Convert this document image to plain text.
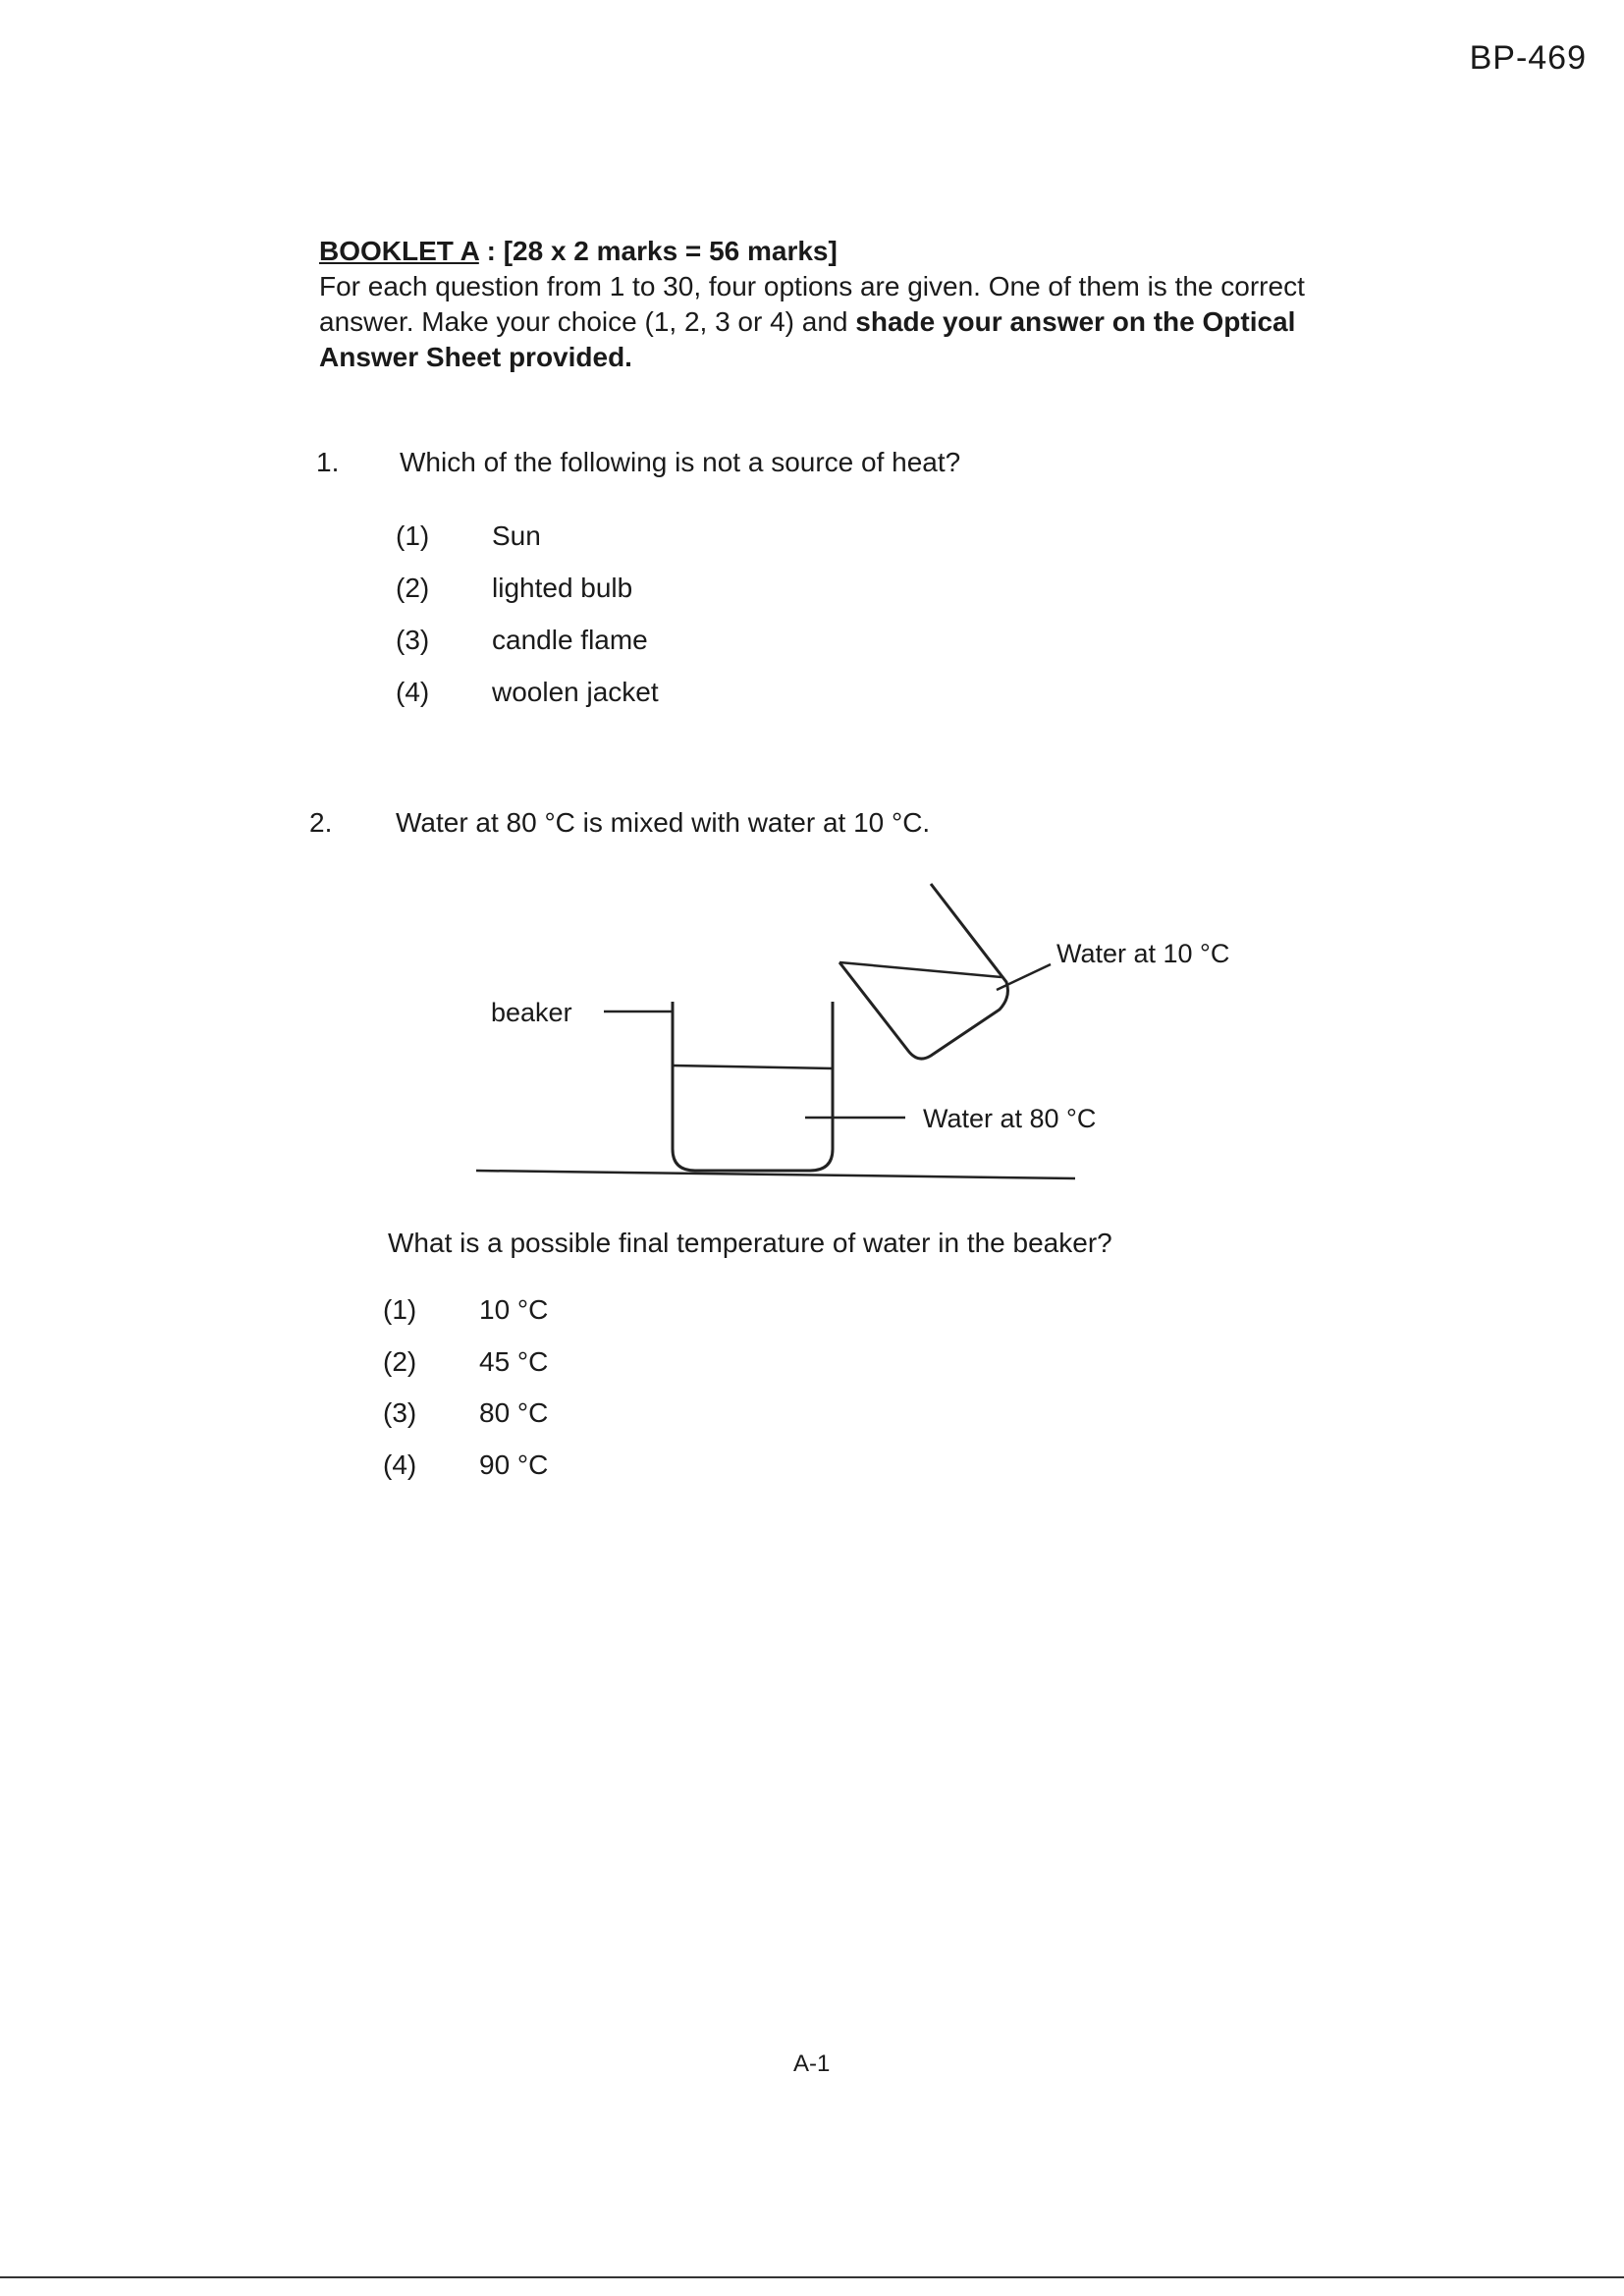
BP-469
BOOKLET A : [28 x 2 marks = 56 marks]
For each question from 1 to 30, four options are given. One of them is the correct answer. Make your choice (1, 2, 3 or 4) and shade your answer on the Optical Answer Sheet provided.
1. Which of the following is not a source of heat?
(1) Sun
(2) lighted bulb
(3) candle flame
(4) woolen jacket
2. Water at 80 °C is mixed with water at 10 °C.
beaker
Water at 80 °C
Water at 10 °C
What is a possible final temperature of water in the beaker?
(1) 10 °C
(2) 45 °C
(3) 80 °C
(4) 90 °C
A-1
